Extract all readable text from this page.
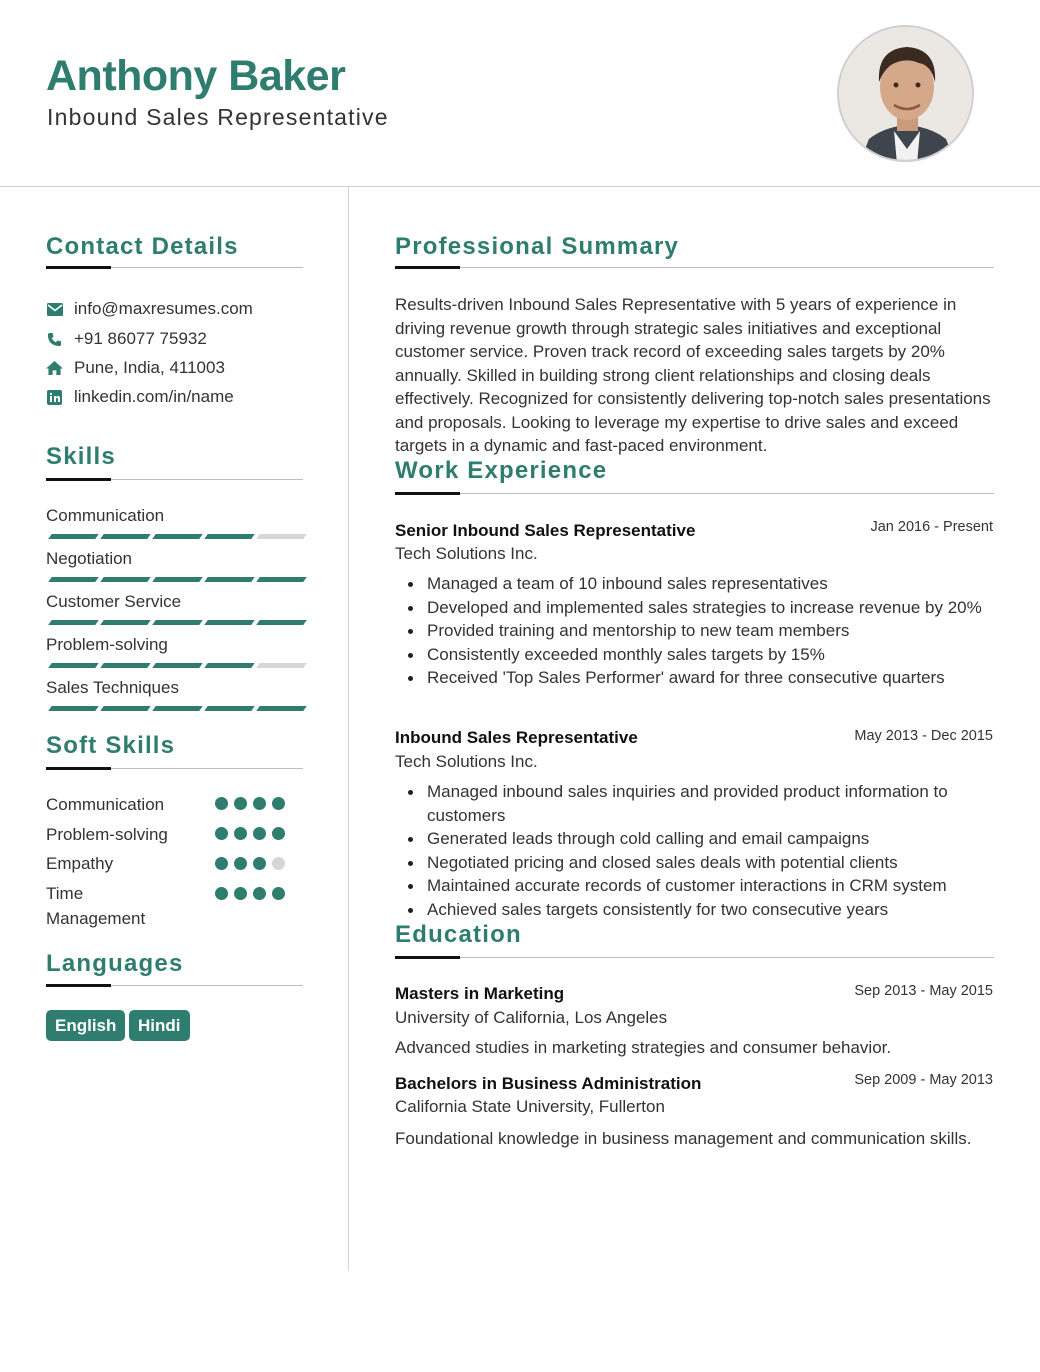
Anthony Baker
Inbound Sales Representative
Contact Details
info@maxresumes.com
+91 86077 75932
Pune, India, 411003
linkedin.com/in/name
Skills
Communication
Negotiation
Customer Service
Problem-solving
Sales Techniques
Soft Skills
Communication
Problem-solving
Empathy
Time Management
Languages
English	Hindi
Professional Summary
Results-driven Inbound Sales Representative with 5 years of experience in driving revenue growth through strategic sales initiatives and exceptional customer service. Proven track record of exceeding sales targets by 20% annually. Skilled in building strong client relationships and closing deals effectively. Recognized for consistently delivering top-notch sales presentations and proposals. Looking to leverage my expertise to drive sales and exceed targets in a dynamic and fast-paced environment.
Work Experience
Senior Inbound Sales Representative	Jan 2016 - Present
Tech Solutions Inc.
Managed a team of 10 inbound sales representatives
Developed and implemented sales strategies to increase revenue by 20%
Provided training and mentorship to new team members
Consistently exceeded monthly sales targets by 15%
Received 'Top Sales Performer' award for three consecutive quarters
Inbound Sales Representative	May 2013 - Dec 2015
Tech Solutions Inc.
Managed inbound sales inquiries and provided product information to customers
Generated leads through cold calling and email campaigns
Negotiated pricing and closed sales deals with potential clients
Maintained accurate records of customer interactions in CRM system
Achieved sales targets consistently for two consecutive years
Education
Masters in Marketing	Sep 2013 - May 2015
University of California, Los Angeles
Advanced studies in marketing strategies and consumer behavior.
Bachelors in Business Administration	Sep 2009 - May 2013
California State University, Fullerton
Foundational knowledge in business management and communication skills.
